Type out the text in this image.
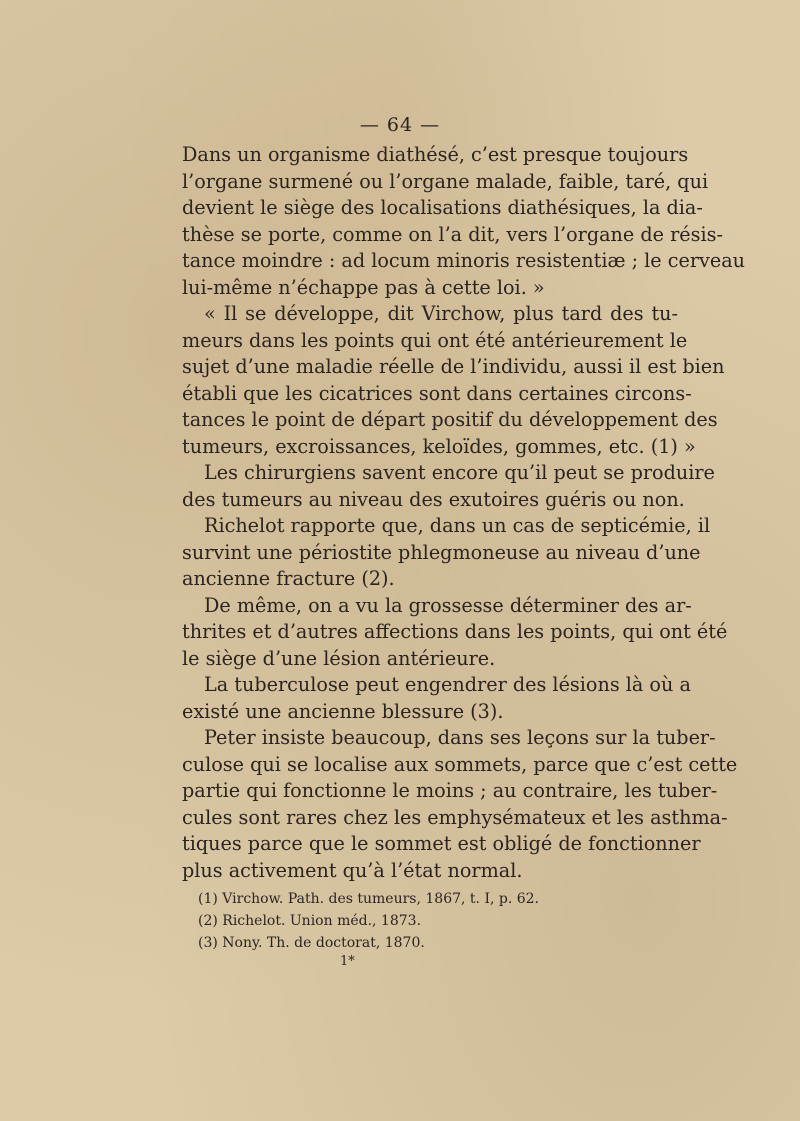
— 64 —
Dans un organisme diathésé, c’est presque toujours
l’organe surmené ou l’organe malade, faible, taré, qui
devient le siège des localisations diathésiques, la dia-
thèse se porte, comme on l’a dit, vers l’organe de résis-
tance moindre : ad locum minoris resistentiæ ; le cerveau
lui-même n’échappe pas à cette loi. »
« Il se développe, dit Virchow, plus tard des tu-
meurs dans les points qui ont été antérieurement le
sujet d’une maladie réelle de l’individu, aussi il est bien
établi que les cicatrices sont dans certaines circons-
tances le point de départ positif du développement des
tumeurs, excroissances, keloïdes, gommes, etc. (1) »
Les chirurgiens savent encore qu’il peut se produire
des tumeurs au niveau des exutoires guéris ou non.
Richelot rapporte que, dans un cas de septicémie, il
survint une périostite phlegmoneuse au niveau d’une
ancienne fracture (2).
De même, on a vu la grossesse déterminer des ar-
thrites et d’autres affections dans les points, qui ont été
le siège d’une lésion antérieure.
La tuberculose peut engendrer des lésions là où a
existé une ancienne blessure (3).
Peter insiste beaucoup, dans ses leçons sur la tuber-
culose qui se localise aux sommets, parce que c’est cette
partie qui fonctionne le moins ; au contraire, les tuber-
cules sont rares chez les emphysémateux et les asthma-
tiques parce que le sommet est obligé de fonctionner
plus activement qu’à l’état normal.
(1) Virchow. Path. des tumeurs, 1867, t. I, p. 62.
(2) Richelot. Union méd., 1873.
(3) Nony. Th. de doctorat, 1870.
1*
